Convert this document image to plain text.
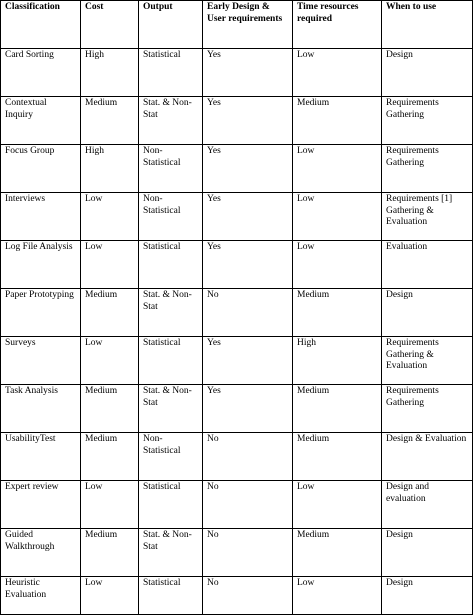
Classification	Cost	Output	Early Design & User requirements	Time resources required	When to use
Card Sorting	High	Statistical	Yes	Low	Design
Contextual Inquiry	Medium	Stat. & Non-Stat	Yes	Medium	Requirements Gathering
Focus Group	High	Non-Statistical	Yes	Low	Requirements Gathering
Interviews	Low	Non-Statistical	Yes	Low	Requirements [1] Gathering & Evaluation
Log File Analysis	Low	Statistical	Yes	Low	Evaluation
Paper Prototyping	Medium	Stat. & Non-Stat	No	Medium	Design
Surveys	Low	Statistical	Yes	High	Requirements Gathering & Evaluation
Task Analysis	Medium	Stat. & Non-Stat	Yes	Medium	Requirements Gathering
UsabilityTest	Medium	Non-Statistical	No	Medium	Design & Evaluation
Expert review	Low	Statistical	No	Low	Design and evaluation
Guided Walkthrough	Medium	Stat. & Non-Stat	No	Medium	Design
Heuristic Evaluation	Low	Statistical	No	Low	Design
